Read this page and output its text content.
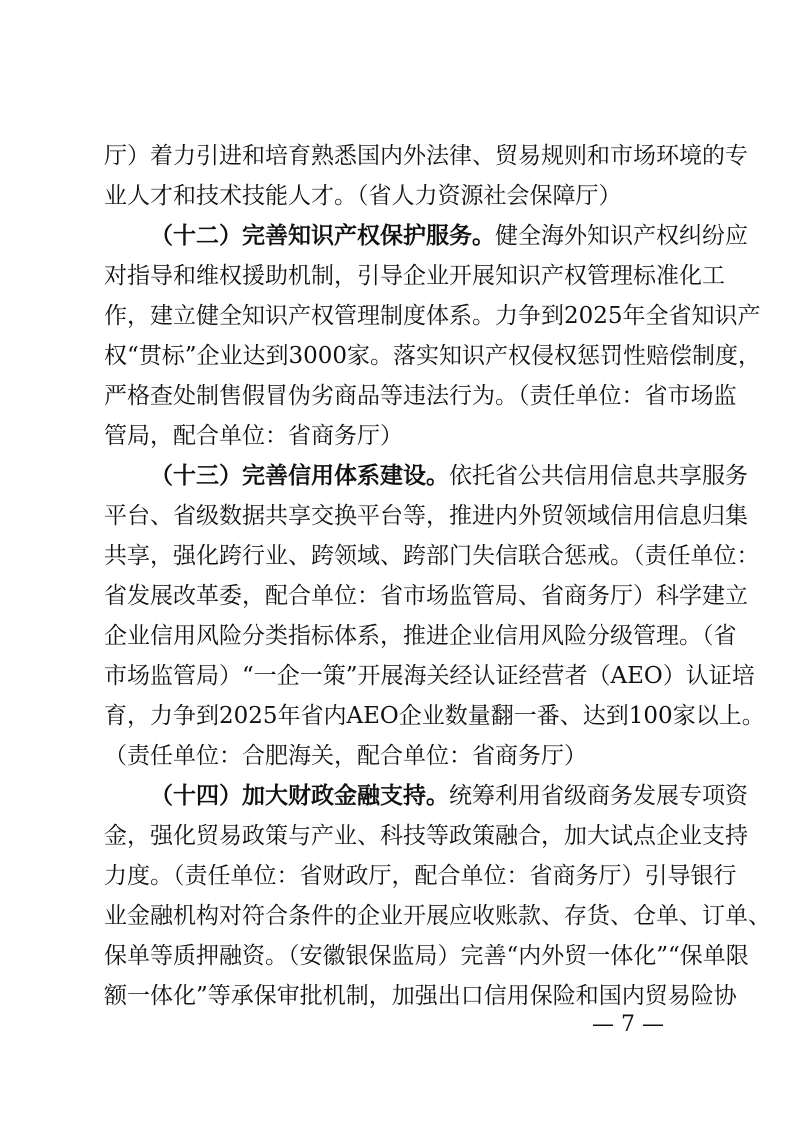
厅）着力引进和培育熟悉国内外法律、贸易规则和市场环境的专
业人才和技术技能人才。（省人力资源社会保障厅）
（十二）完善知识产权保护服务。健全海外知识产权纠纷应
对指导和维权援助机制，引导企业开展知识产权管理标准化工
作，建立健全知识产权管理制度体系。力争到2025年全省知识产
权“贯标”企业达到3000家。落实知识产权侵权惩罚性赔偿制度，
严格查处制售假冒伪劣商品等违法行为。（责任单位：省市场监
管局，配合单位：省商务厅）
（十三）完善信用体系建设。依托省公共信用信息共享服务
平台、省级数据共享交换平台等，推进内外贸领域信用信息归集
共享，强化跨行业、跨领域、跨部门失信联合惩戒。（责任单位：
省发展改革委，配合单位：省市场监管局、省商务厅）科学建立
企业信用风险分类指标体系，推进企业信用风险分级管理。（省
市场监管局）“一企一策”开展海关经认证经营者（AEO）认证培
育，力争到2025年省内AEO企业数量翻一番、达到100家以上。
（责任单位：合肥海关，配合单位：省商务厅）
（十四）加大财政金融支持。统筹利用省级商务发展专项资
金，强化贸易政策与产业、科技等政策融合，加大试点企业支持
力度。（责任单位：省财政厅，配合单位：省商务厅）引导银行
业金融机构对符合条件的企业开展应收账款、存货、仓单、订单、
保单等质押融资。（安徽银保监局）完善“内外贸一体化”“保单限
额一体化”等承保审批机制，加强出口信用保险和国内贸易险协
— 7 —
